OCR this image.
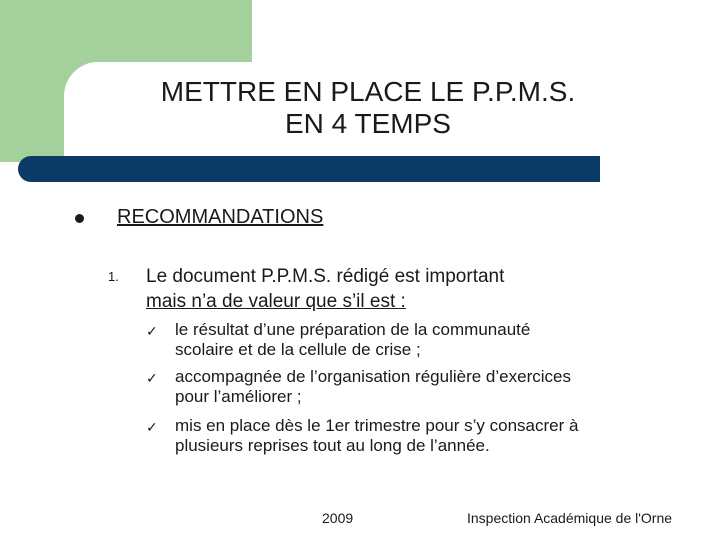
METTRE EN PLACE LE P.P.M.S.
EN 4 TEMPS
RECOMMANDATIONS
1. Le document P.P.M.S. rédigé est important
mais n’a de valeur que s’il est :
✓ le résultat d’une préparation de la communauté
scolaire et de la cellule de crise ;
✓ accompagnée de l’organisation régulière d’exercices
pour l’améliorer ;
✓ mis en place dès le 1er trimestre pour s’y consacrer à
plusieurs reprises tout au long de l’année.
2009	Inspection Académique de l'Orne
